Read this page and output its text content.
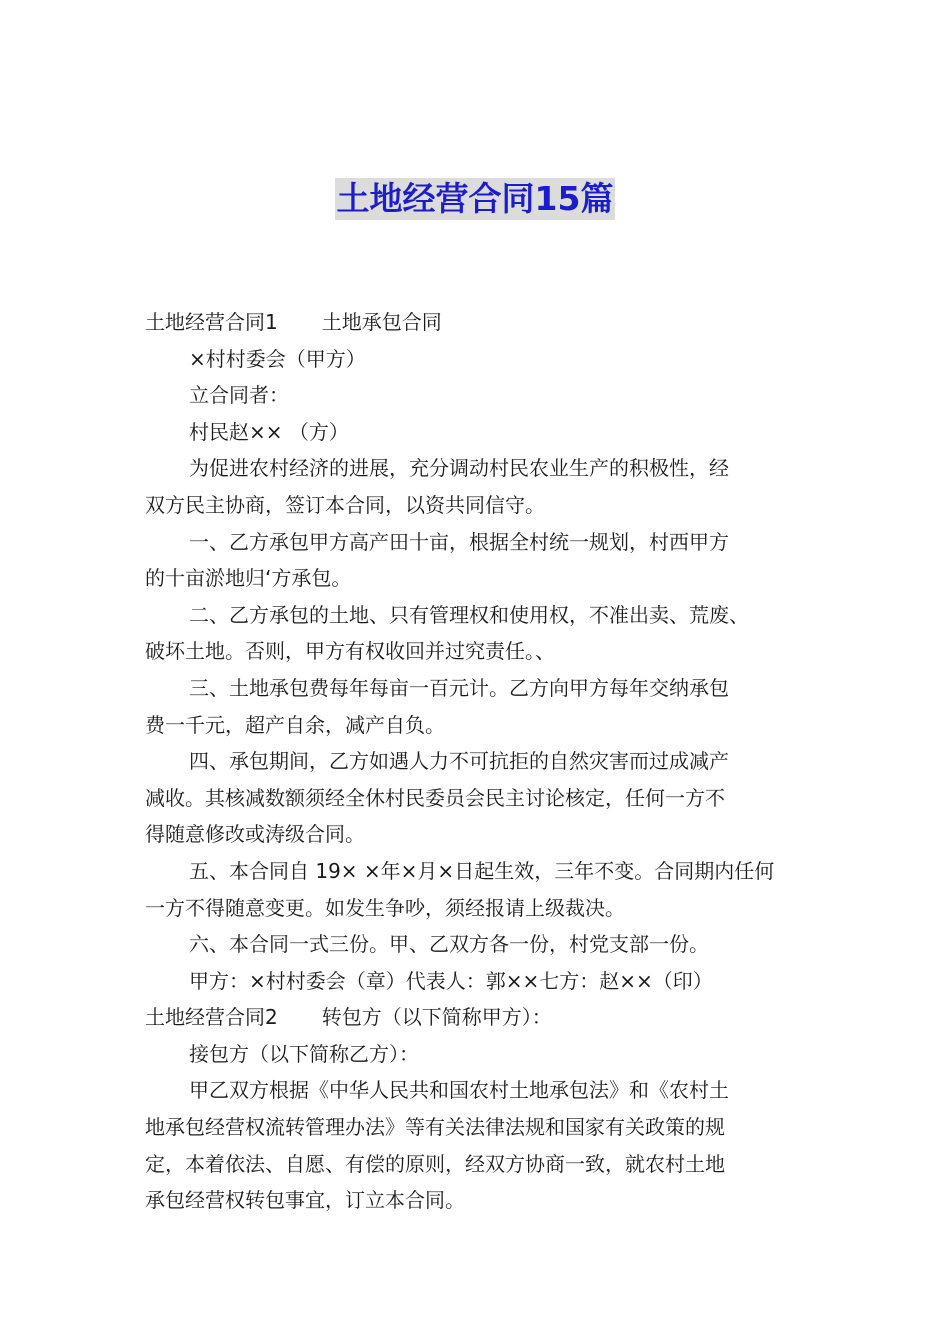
土地经营合同15篇
土地经营合同1 土地承包合同
×村村委会（甲方）
立合同者：
村民赵×× （方）
为促进农村经济的进展，充分调动村民农业生产的积极性，经
双方民主协商，签订本合同，以资共同信守。
一、乙方承包甲方高产田十亩，根据全村统一规划，村西甲方
的十亩淤地归‘方承包。
二、乙方承包的土地、只有管理权和使用权，不准出卖、荒废、
破坏土地。否则，甲方有权收回并过究责任。、
三、土地承包费每年每亩一百元计。乙方向甲方每年交纳承包
费一千元，超产自余，减产自负。
四、承包期间，乙方如遇人力不可抗拒的自然灾害而过成减产
减收。其核减数额须经全休村民委员会民主讨论核定，任何一方不
得随意修改或涛级合同。
五、本合同自 19× ×年×月×日起生效，三年不变。合同期内任何
一方不得随意变更。如发生争吵，须经报请上级裁决。
六、本合同一式三份。甲、乙双方各一份，村党支部一份。
甲方：×村村委会（章）代表人：郭××七方：赵××（印）
土地经营合同2 转包方（以下简称甲方）：
接包方（以下简称乙方）：
甲乙双方根据《中华人民共和国农村土地承包法》和《农村土
地承包经营权流转管理办法》等有关法律法规和国家有关政策的规
定，本着依法、自愿、有偿的原则，经双方协商一致，就农村土地
承包经营权转包事宜，订立本合同。
